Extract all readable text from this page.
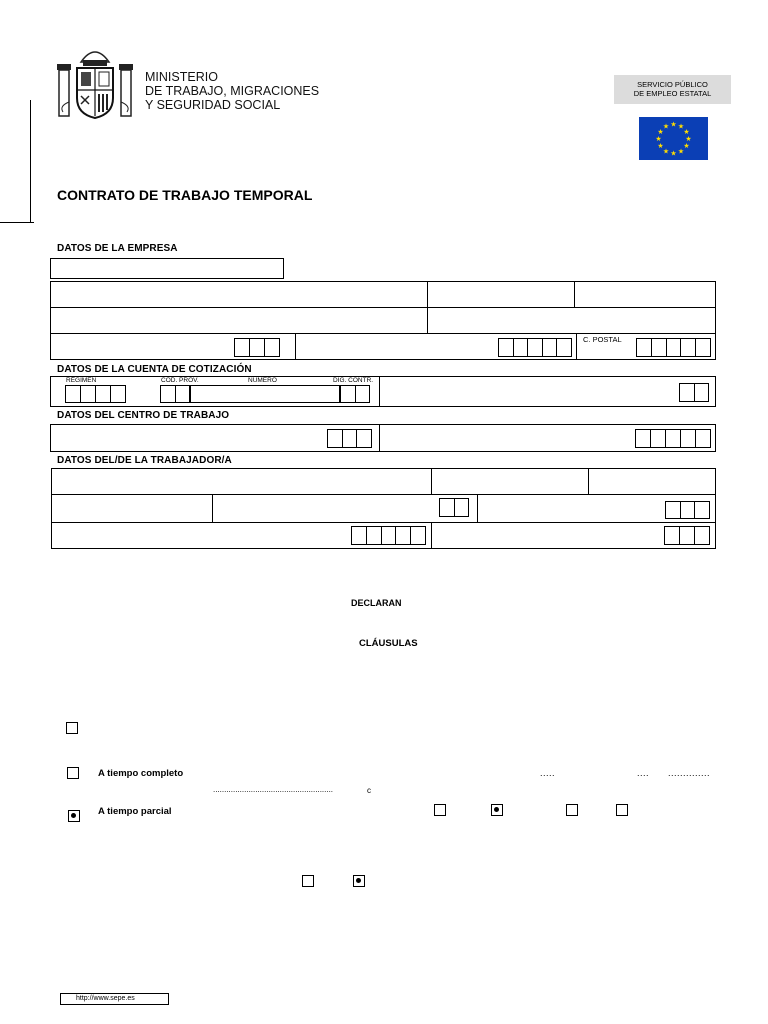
MINISTERIO
DE TRABAJO, MIGRACIONES
Y SEGURIDAD SOCIAL
SERVICIO PÚBLICO
DE EMPLEO ESTATAL
★ ★
★
★
★
★
★
★
★
★
★
★
CONTRATO DE TRABAJO TEMPORAL
DATOS DE LA EMPRESA
C. POSTAL
DATOS DE LA CUENTA DE COTIZACIÓN
RÉGIMEN	COD. PROV.	NÚMERO	DIG. CONTR.
DATOS DEL CENTRO DE TRABAJO
DATOS DEL/DE LA TRABAJADOR/A
DECLARAN
CLÁUSULAS
A tiempo completo	.....	.... ..............
......................................................	c
A tiempo parcial
http://www.sepe.es
